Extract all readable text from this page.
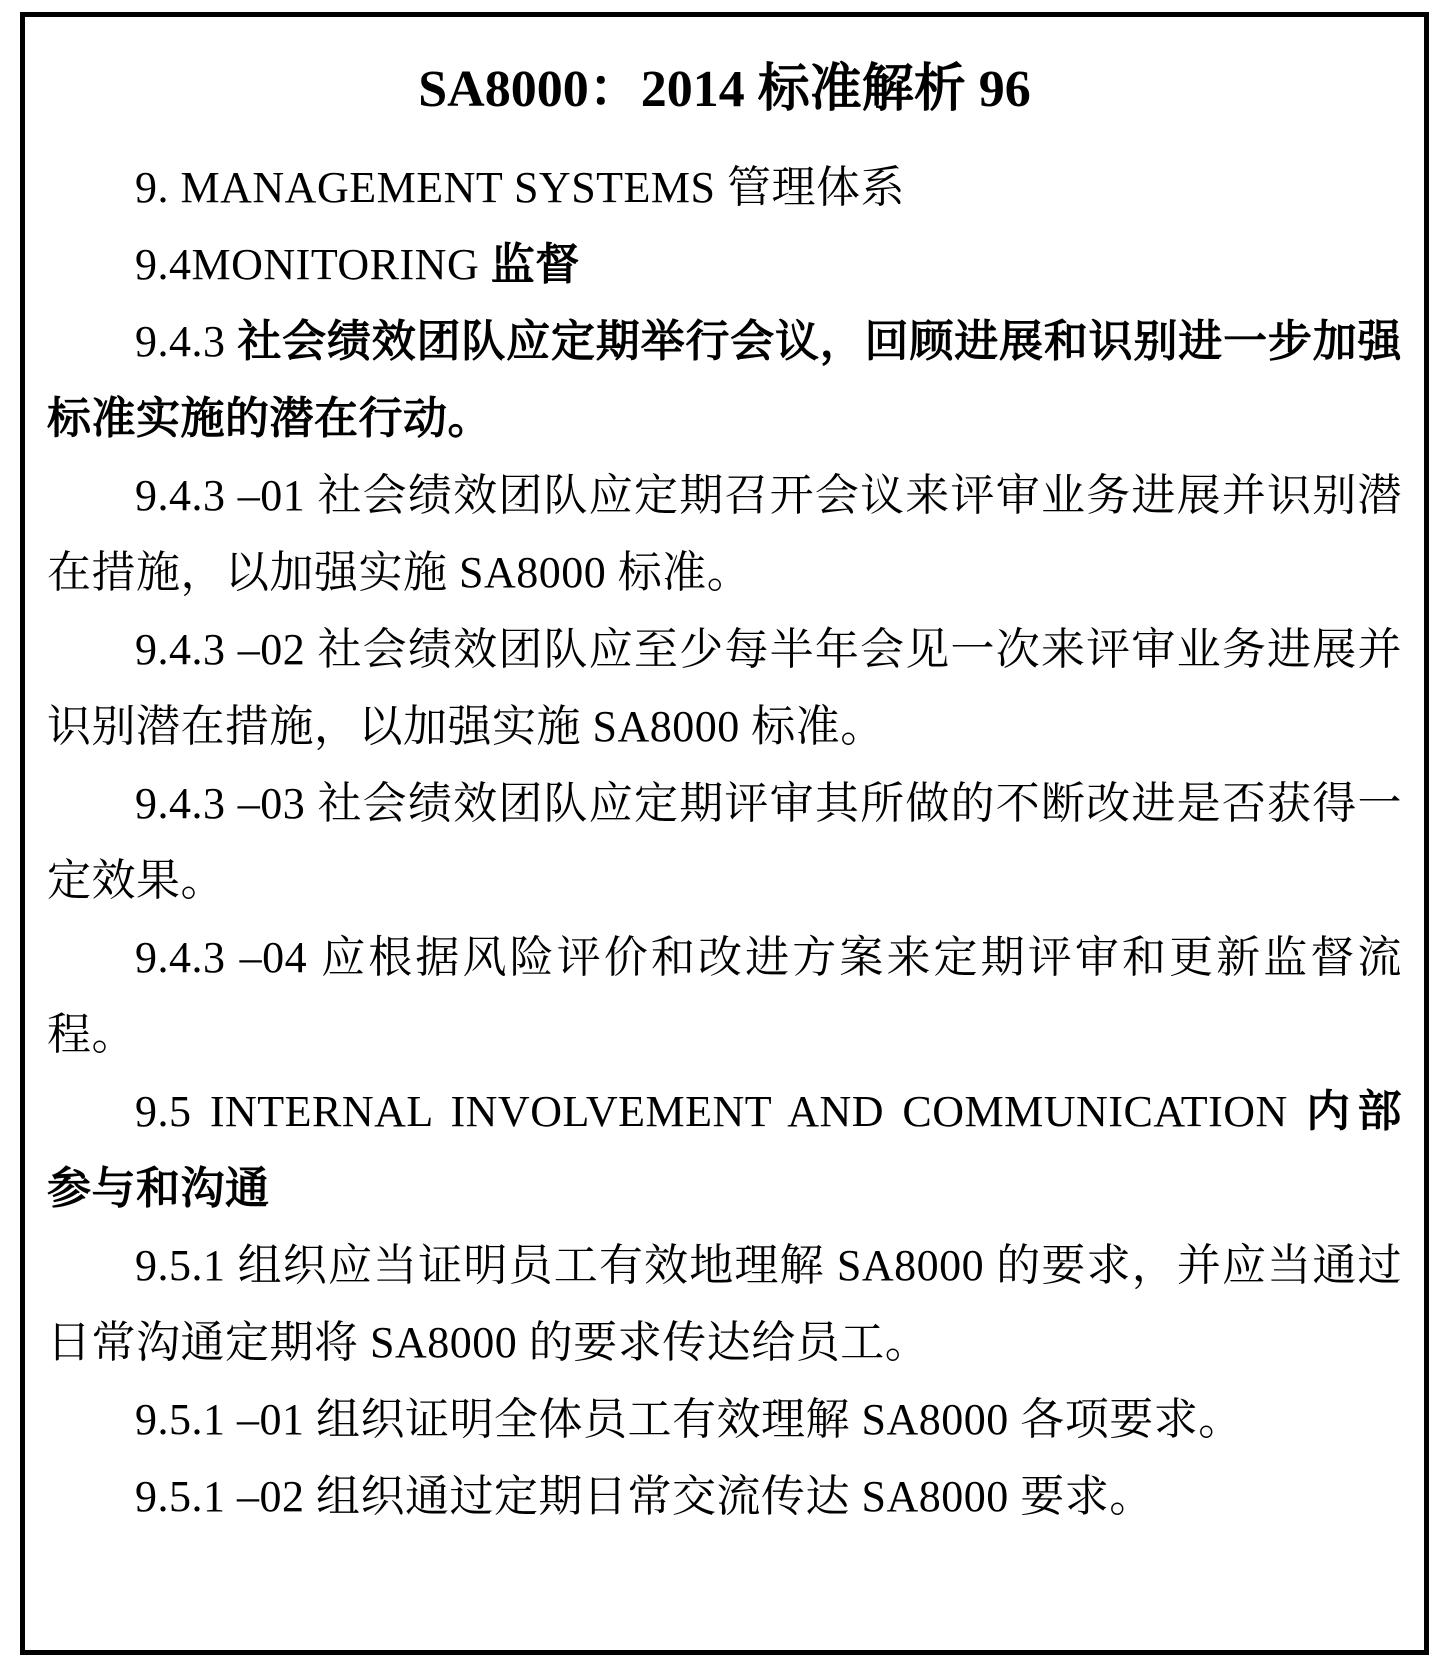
SA8000：2014 标准解析 96

9. MANAGEMENT SYSTEMS 管理体系

9.4MONITORING 监督

9.4.3 社会绩效团队应定期举行会议，回顾进展和识别进一步加强标准实施的潜在行动。

9.4.3 –01 社会绩效团队应定期召开会议来评审业务进展并识别潜在措施，以加强实施 SA8000 标准。

9.4.3 –02 社会绩效团队应至少每半年会见一次来评审业务进展并识别潜在措施，以加强实施 SA8000 标准。

9.4.3 –03 社会绩效团队应定期评审其所做的不断改进是否获得一定效果。

9.4.3 –04 应根据风险评价和改进方案来定期评审和更新监督流程。

9.5 INTERNAL INVOLVEMENT AND COMMUNICATION 内部参与和沟通

9.5.1 组织应当证明员工有效地理解 SA8000 的要求，并应当通过日常沟通定期将 SA8000 的要求传达给员工。

9.5.1 –01 组织证明全体员工有效理解 SA8000 各项要求。

9.5.1 –02 组织通过定期日常交流传达 SA8000 要求。
